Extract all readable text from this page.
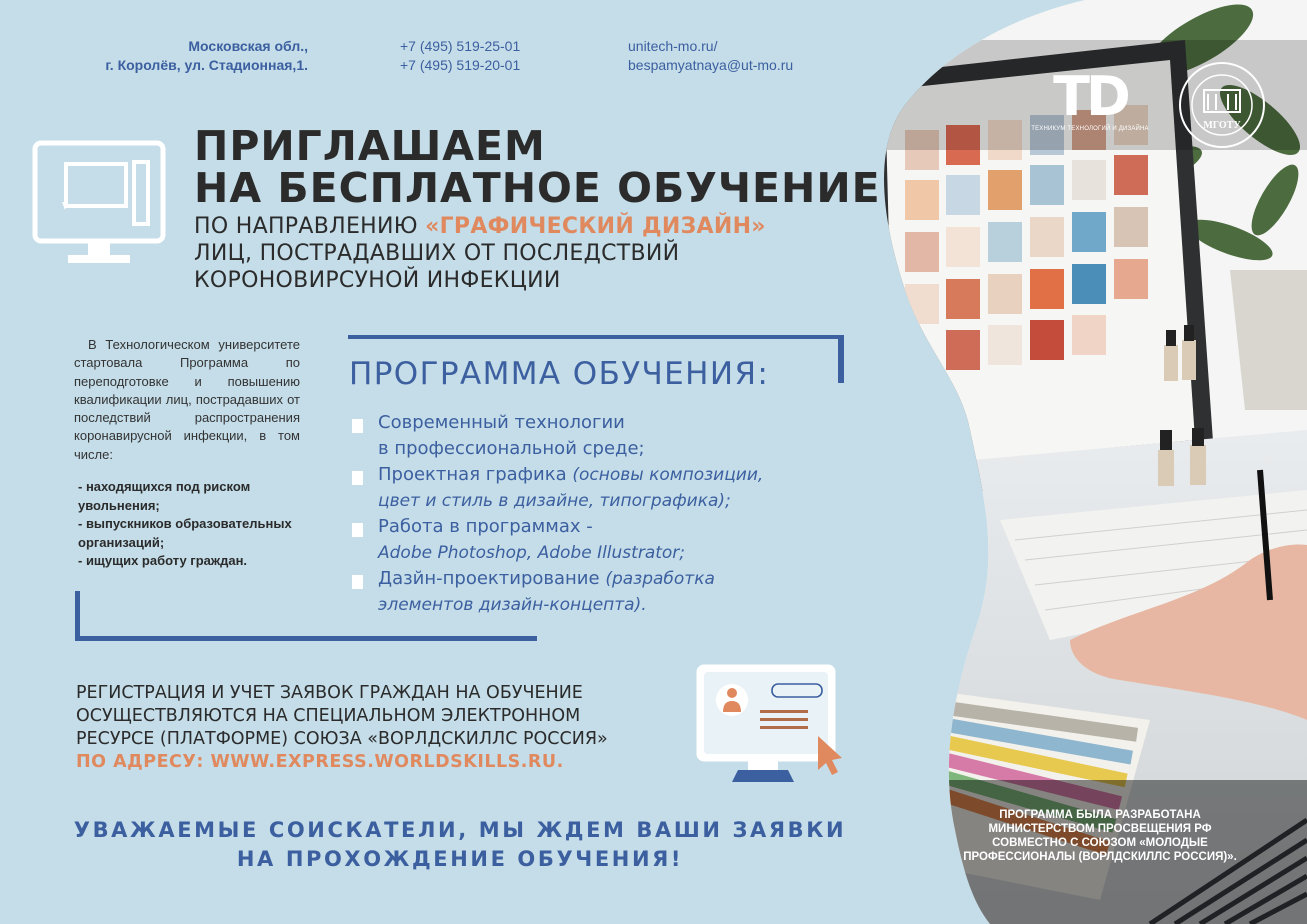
TD
ТЕХНИКУМ ТЕХНОЛОГИЙ И ДИЗАЙНА	МГОТУ
Московская обл.,
г. Королёв, ул. Стадионная,1.
+7 (495) 519-25-01
+7 (495) 519-20-01
unitech-mo.ru/
bespamyatnaya@ut-mo.ru
ПРИГЛАШАЕМ
НА БЕСПЛАТНОЕ ОБУЧЕНИЕ
ПО НАПРАВЛЕНИЮ «ГРАФИЧЕСКИЙ ДИЗАЙН»
ЛИЦ, ПОСТРАДАВШИХ ОТ ПОСЛЕДСТВИЙ
КОРОНОВИРСУНОЙ ИНФЕКЦИИ
В Технологическом университете стартовала Программа по переподготовке и повышению квалификации лиц, пострадавших от последствий распространения коронавирусной инфекции, в том числе:
- находящихся под риском увольнения;
- выпускников образовательных организаций;
- ищущих работу граждан.
ПРОГРАММА ОБУЧЕНИЯ:
Современный технологии
в профессиональной среде;
Проектная графика (основы композиции,
цвет и стиль в дизайне, типографика);
Работа в программах -
Adobe Photoshop, Adobe Illustrator;
Дазйн-проектирование (разработка
элементов дизайн-концепта).
РЕГИСТРАЦИЯ И УЧЕТ ЗАЯВОК ГРАЖДАН НА ОБУЧЕНИЕ
ОСУЩЕСТВЛЯЮТСЯ НА СПЕЦИАЛЬНОМ ЭЛЕКТРОННОМ
РЕСУРСЕ (ПЛАТФОРМЕ) СОЮЗА «ВОРЛДСКИЛЛС РОССИЯ»
ПО АДРЕСУ: WWW.EXPRESS.WORLDSKILLS.RU.
УВАЖАЕМЫЕ СОИСКАТЕЛИ, МЫ ЖДЕМ ВАШИ ЗАЯВКИ
НА ПРОХОЖДЕНИЕ ОБУЧЕНИЯ!
ПРОГРАММА БЫЛА РАЗРАБОТАНА
МИНИСТЕРСТВОМ ПРОСВЕЩЕНИЯ РФ
СОВМЕСТНО С СОЮЗОМ «МОЛОДЫЕ
ПРОФЕССИОНАЛЫ (ВОРЛДСКИЛЛС РОССИЯ)».
